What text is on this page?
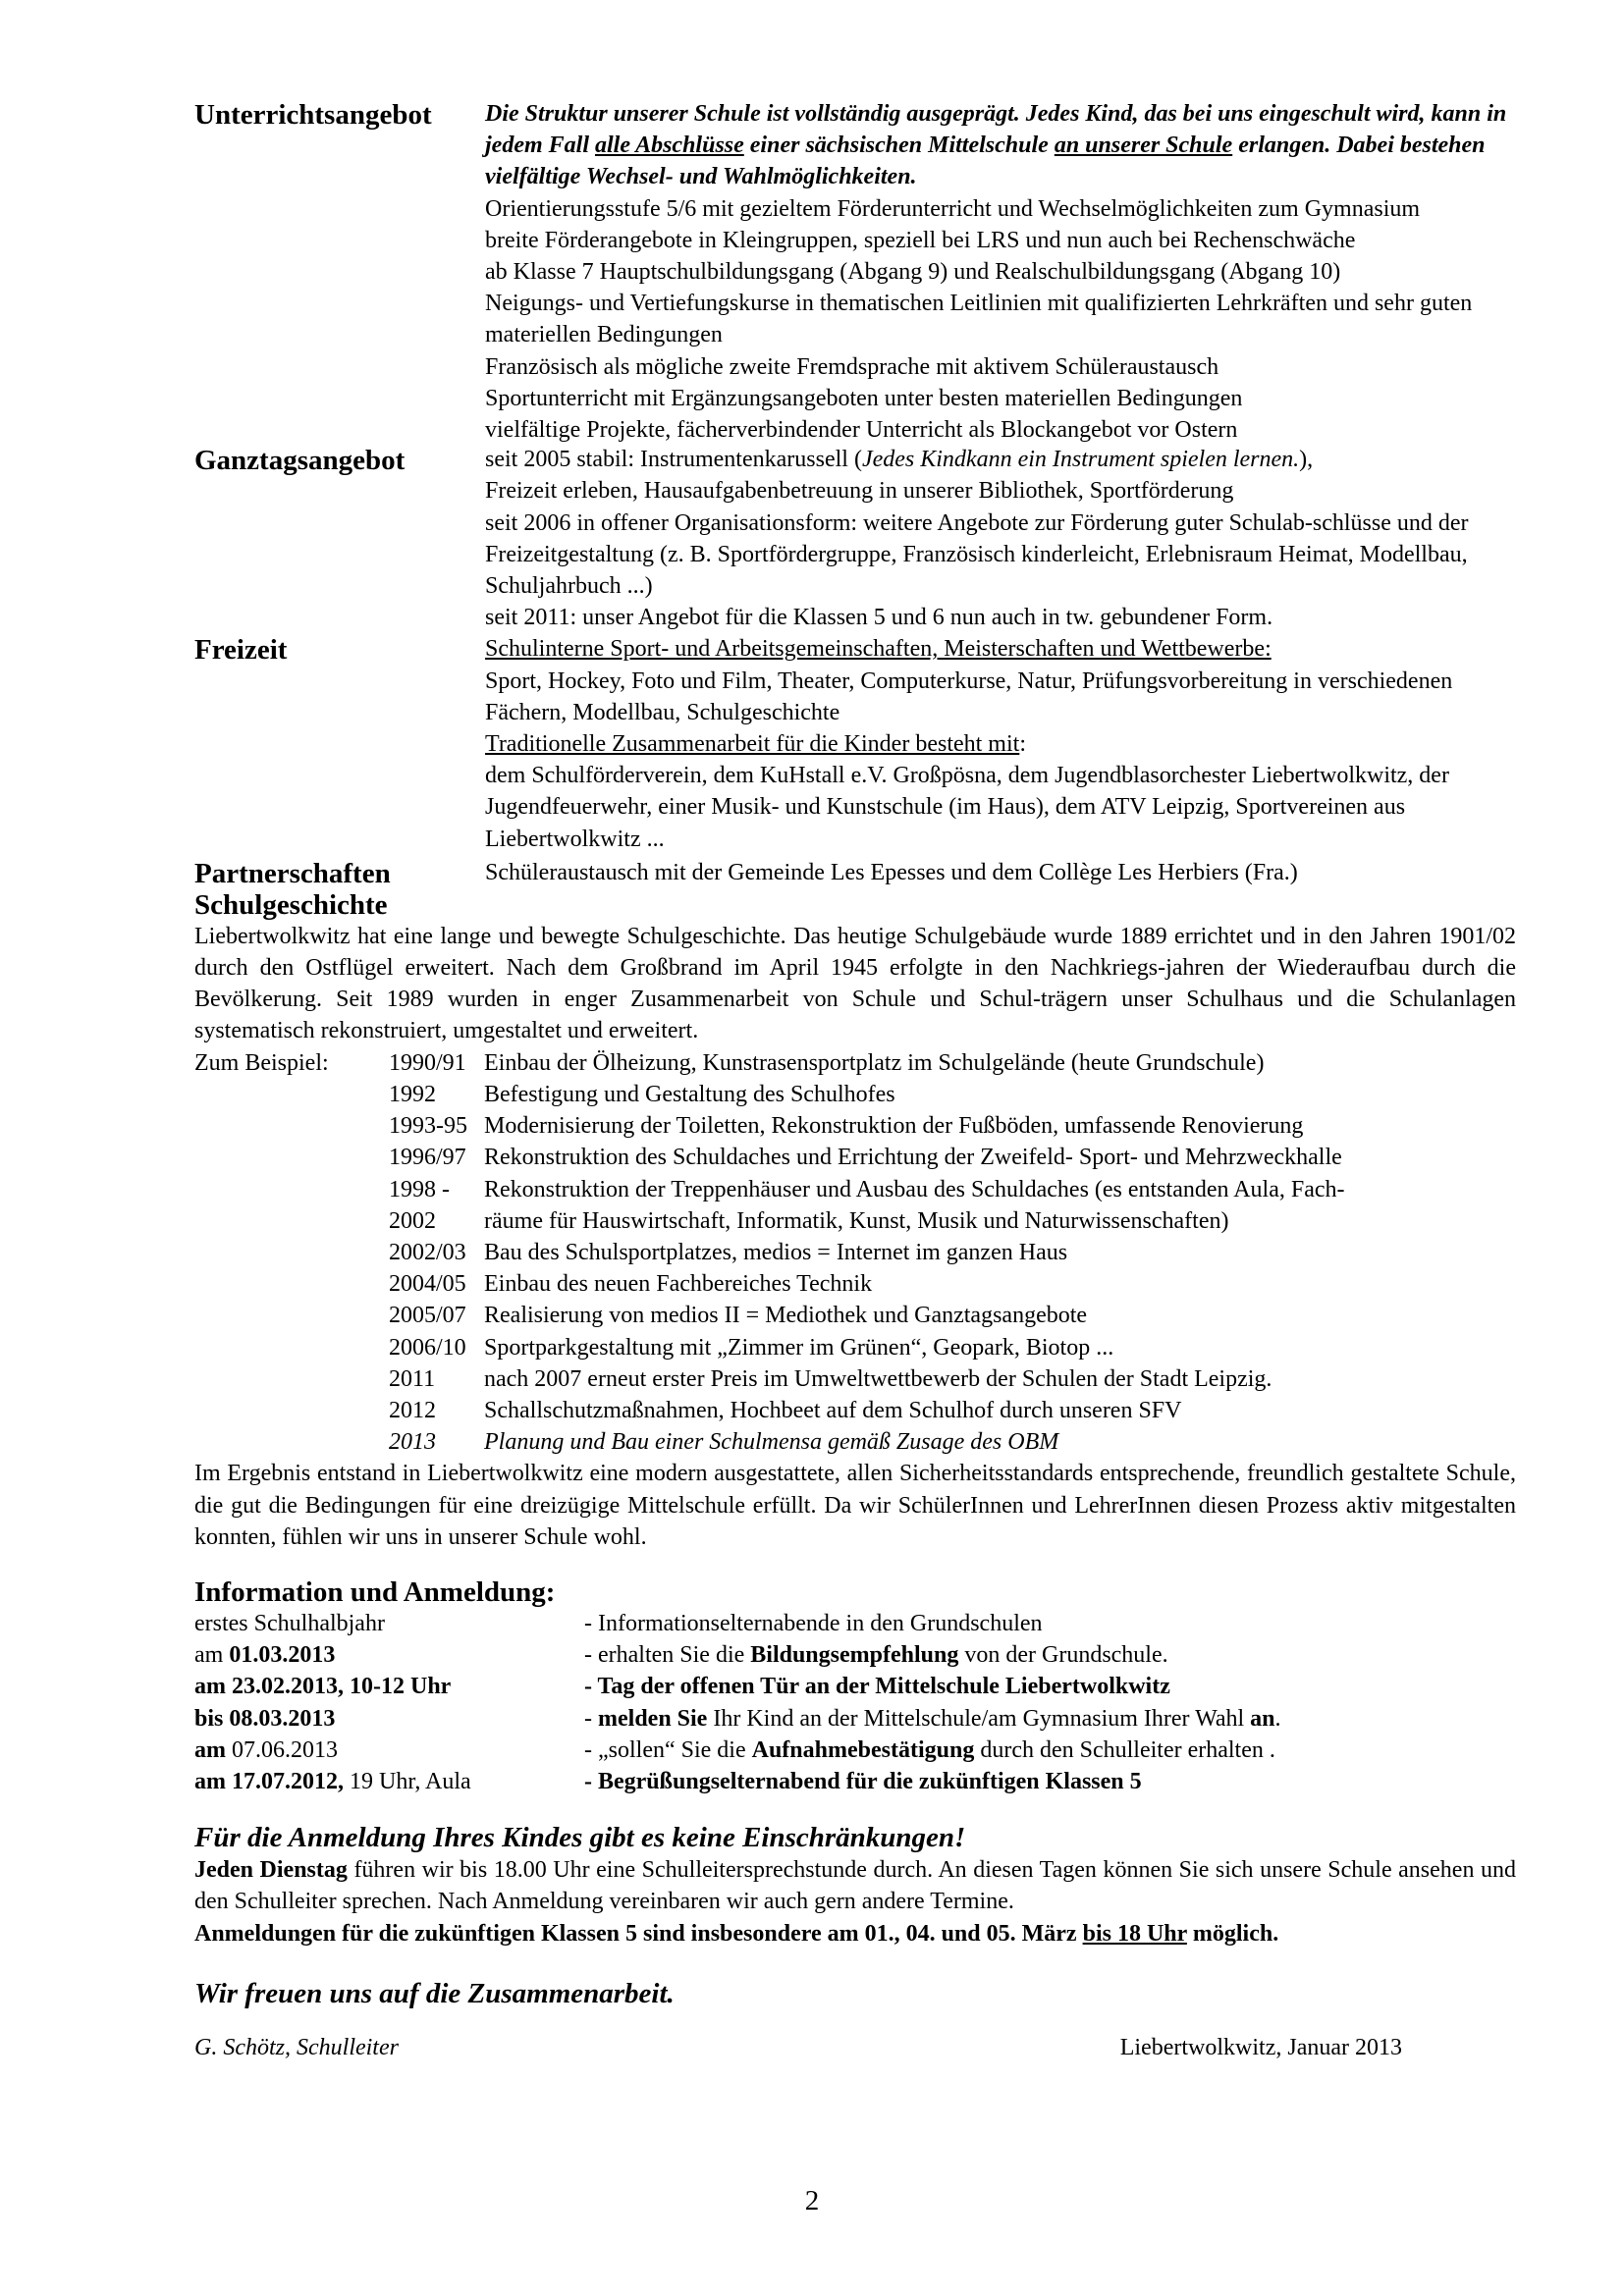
Unterrichtsangebot	Die Struktur unserer Schule ist vollständig ausgeprägt. Jedes Kind, das bei uns eingeschult wird, kann in jedem Fall alle Abschlüsse einer sächsischen Mittelschule an unserer Schule erlangen. Dabei bestehen vielfältige Wechsel- und Wahlmöglichkeiten.
Orientierungsstufe 5/6 mit gezieltem Förderunterricht und Wechselmöglichkeiten zum Gymnasium
breite Förderangebote in Kleingruppen, speziell bei LRS und nun auch bei Rechenschwäche
ab Klasse 7 Hauptschulbildungsgang (Abgang 9) und Realschulbildungsgang (Abgang 10)
Neigungs- und Vertiefungskurse in thematischen Leitlinien mit qualifizierten Lehrkräften und sehr guten materiellen Bedingungen
Französisch als mögliche zweite Fremdsprache mit aktivem Schüleraustausch
Sportunterricht mit Ergänzungsangeboten unter besten materiellen Bedingungen
vielfältige Projekte, fächerverbindender Unterricht als Blockangebot vor Ostern
Ganztagsangebot	seit 2005 stabil: Instrumentenkarussell (Jedes Kindkann ein Instrument spielen lernen.),
Freizeit erleben, Hausaufgabenbetreuung in unserer Bibliothek, Sportförderung
seit 2006 in offener Organisationsform: weitere Angebote zur Förderung guter Schulab-schlüsse und der Freizeitgestaltung (z. B. Sportfördergruppe, Französisch kinderleicht, Erlebnisraum Heimat, Modellbau, Schuljahrbuch ...)
seit 2011: unser Angebot für die Klassen 5 und 6 nun auch in tw. gebundener Form.
Freizeit	Schulinterne Sport- und Arbeitsgemeinschaften, Meisterschaften und Wettbewerbe:
Sport, Hockey, Foto und Film, Theater, Computerkurse, Natur, Prüfungsvorbereitung in verschiedenen Fächern, Modellbau, Schulgeschichte
Traditionelle Zusammenarbeit für die Kinder besteht mit:
dem Schulförderverein, dem KuHstall e.V. Großpösna, dem Jugendblasorchester Liebertwolkwitz, der Jugendfeuerwehr, einer Musik- und Kunstschule (im Haus), dem ATV Leipzig, Sportvereinen aus Liebertwolkwitz ...
Partnerschaften	Schüleraustausch mit der Gemeinde Les Epesses und dem Collège Les Herbiers (Fra.)
Schulgeschichte
Liebertwolkwitz hat eine lange und bewegte Schulgeschichte. Das heutige Schulgebäude wurde 1889 errichtet und in den Jahren 1901/02 durch den Ostflügel erweitert. Nach dem Großbrand im April 1945 erfolgte in den Nachkriegs-jahren der Wiederaufbau durch die Bevölkerung. Seit 1989 wurden in enger Zusammenarbeit von Schule und Schul-trägern unser Schulhaus und die Schulanlagen systematisch rekonstruiert, umgestaltet und erweitert.
Zum Beispiel:	1990/91 Einbau der Ölheizung, Kunstrasensportplatz im Schulgelände (heute Grundschule)
1992	Befestigung und Gestaltung des Schulhofes
1993-95 Modernisierung der Toiletten, Rekonstruktion der Fußböden, umfassende Renovierung
1996/97 Rekonstruktion des Schuldaches und Errichtung der Zweifeld- Sport- und Mehrzweckhalle
1998 -	Rekonstruktion der Treppenhäuser und Ausbau des Schuldaches (es entstanden Aula, Fach-
2002	räume für Hauswirtschaft, Informatik, Kunst, Musik und Naturwissenschaften)
2002/03 Bau des Schulsportplatzes, medios = Internet im ganzen Haus
2004/05 Einbau des neuen Fachbereiches Technik
2005/07 Realisierung von medios II = Mediothek und Ganztagsangebote
2006/10 Sportparkgestaltung mit „Zimmer im Grünen“, Geopark, Biotop ...
2011	nach 2007 erneut erster Preis im Umweltwettbewerb der Schulen der Stadt Leipzig.
2012	Schallschutzmaßnahmen, Hochbeet auf dem Schulhof durch unseren SFV
2013	Planung und Bau einer Schulmensa gemäß Zusage des OBM
Im Ergebnis entstand in Liebertwolkwitz eine modern ausgestattete, allen Sicherheitsstandards entsprechende, freundlich gestaltete Schule, die gut die Bedingungen für eine dreizügige Mittelschule erfüllt. Da wir SchülerInnen und LehrerInnen diesen Prozess aktiv mitgestalten konnten, fühlen wir uns in unserer Schule wohl.
Information und Anmeldung:
erstes Schulhalbjahr	- Informationselternabende in den Grundschulen
am 01.03.2013	- erhalten Sie die Bildungsempfehlung von der Grundschule.
am 23.02.2013, 10-12 Uhr	- Tag der offenen Tür an der Mittelschule Liebertwolkwitz
bis 08.03.2013	- melden Sie Ihr Kind an der Mittelschule/am Gymnasium Ihrer Wahl an.
am 07.06.2013	- „sollen“ Sie die Aufnahmebestätigung durch den Schulleiter erhalten .
am 17.07.2012, 19 Uhr, Aula	- Begrüßungselternabend für die zukünftigen Klassen 5
Für die Anmeldung Ihres Kindes gibt es keine Einschränkungen!
Jeden Dienstag führen wir bis 18.00 Uhr eine Schulleitersprechstunde durch. An diesen Tagen können Sie sich unsere Schule ansehen und den Schulleiter sprechen. Nach Anmeldung vereinbaren wir auch gern andere Termine.
Anmeldungen für die zukünftigen Klassen 5 sind insbesondere am 01., 04. und 05. März bis 18 Uhr möglich.
Wir freuen uns auf die Zusammenarbeit.
G. Schötz, Schulleiter	Liebertwolkwitz, Januar 2013
2
